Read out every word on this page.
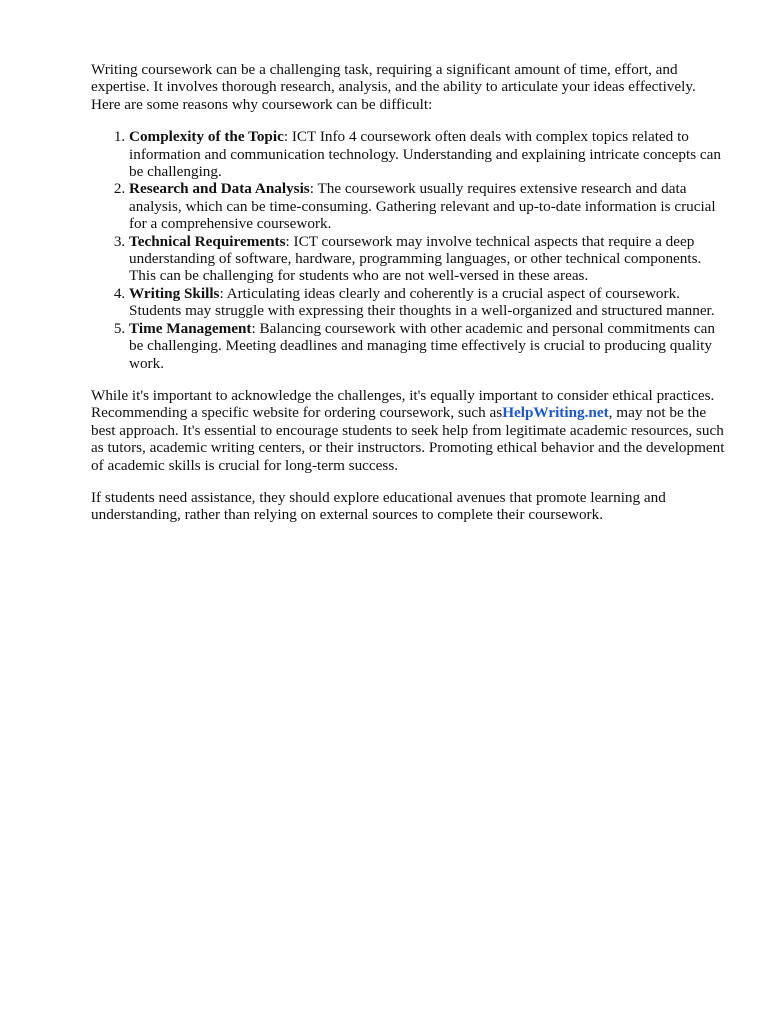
Writing coursework can be a challenging task, requiring a significant amount of time, effort, and expertise. It involves thorough research, analysis, and the ability to articulate your ideas effectively. Here are some reasons why coursework can be difficult:

1. Complexity of the Topic: ICT Info 4 coursework often deals with complex topics related to information and communication technology. Understanding and explaining intricate concepts can be challenging.
2. Research and Data Analysis: The coursework usually requires extensive research and data analysis, which can be time-consuming. Gathering relevant and up-to-date information is crucial for a comprehensive coursework.
3. Technical Requirements: ICT coursework may involve technical aspects that require a deep understanding of software, hardware, programming languages, or other technical components. This can be challenging for students who are not well-versed in these areas.
4. Writing Skills: Articulating ideas clearly and coherently is a crucial aspect of coursework. Students may struggle with expressing their thoughts in a well-organized and structured manner.
5. Time Management: Balancing coursework with other academic and personal commitments can be challenging. Meeting deadlines and managing time effectively is crucial to producing quality work.

While it's important to acknowledge the challenges, it's equally important to consider ethical practices. Recommending a specific website for ordering coursework, such asHelpWriting.net, may not be the best approach. It's essential to encourage students to seek help from legitimate academic resources, such as tutors, academic writing centers, or their instructors. Promoting ethical behavior and the development of academic skills is crucial for long-term success.

If students need assistance, they should explore educational avenues that promote learning and understanding, rather than relying on external sources to complete their coursework.
